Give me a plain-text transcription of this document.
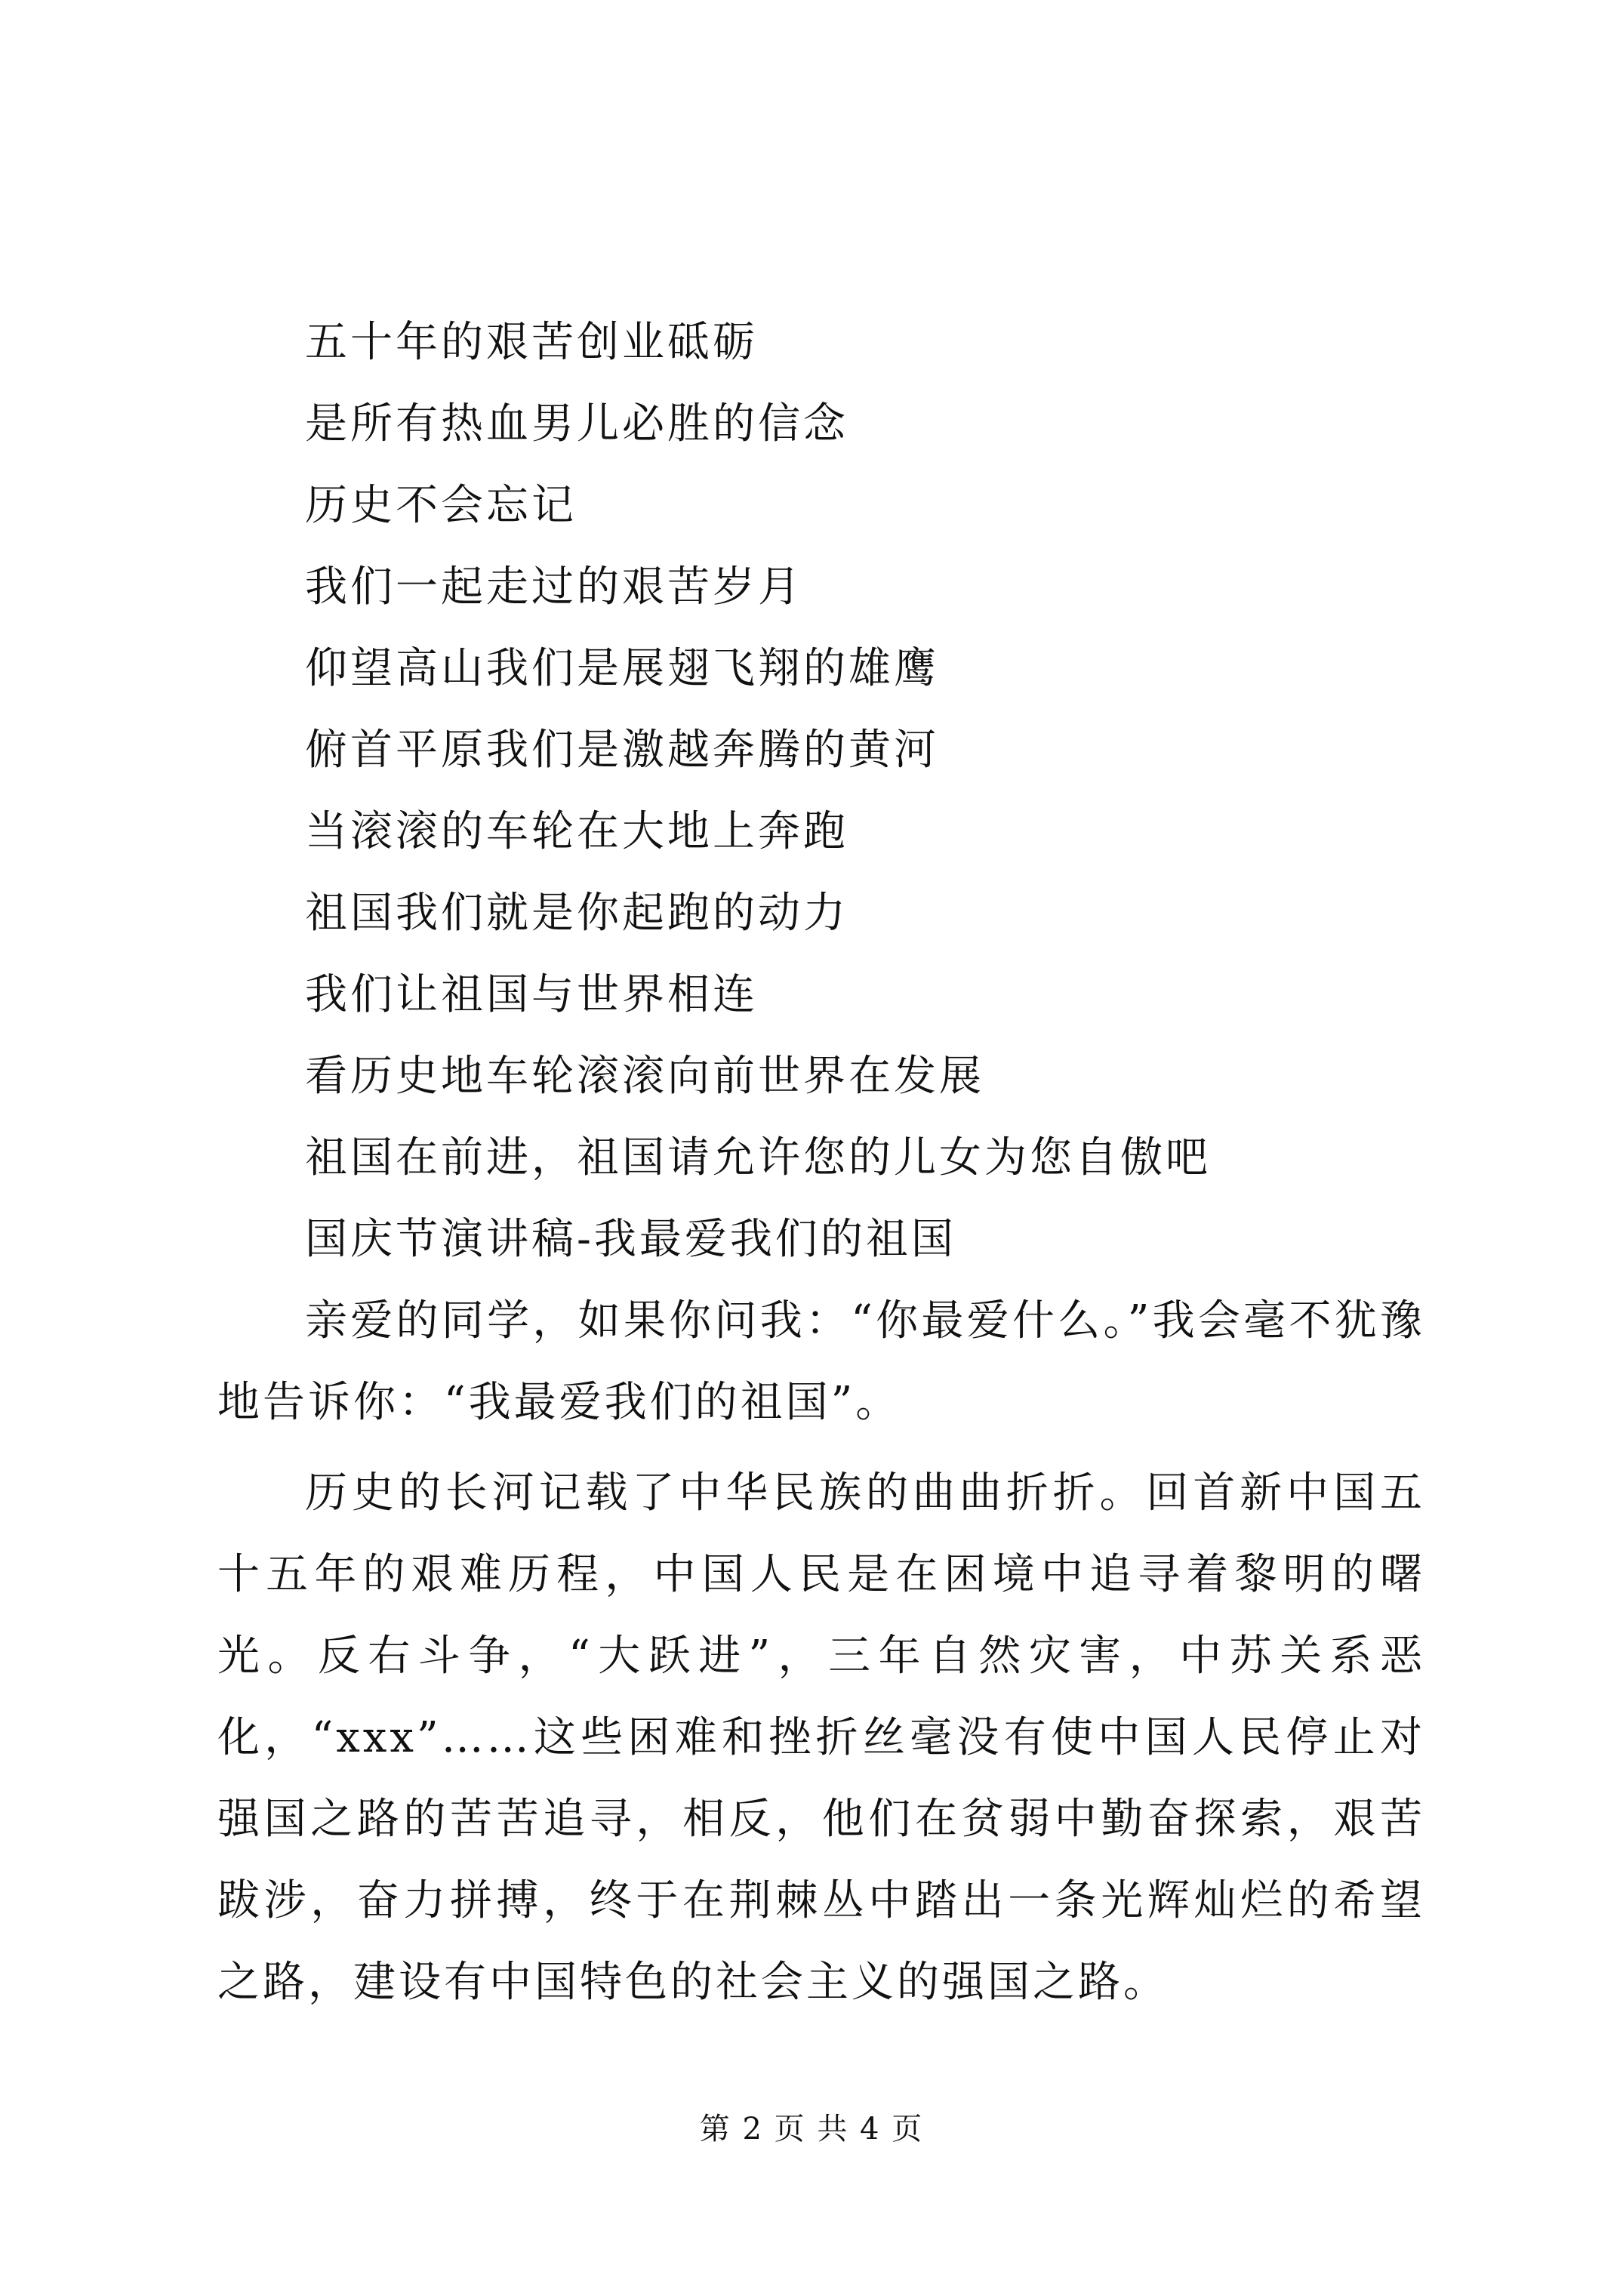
五十年的艰苦创业砥砺
是所有热血男儿必胜的信念
历史不会忘记
我们一起走过的艰苦岁月
仰望高山我们是展翅飞翔的雄鹰
俯首平原我们是激越奔腾的黄河
当滚滚的车轮在大地上奔跑
祖国我们就是你起跑的动力
我们让祖国与世界相连
看历史地车轮滚滚向前世界在发展
祖国在前进，祖国请允许您的儿女为您自傲吧
国庆节演讲稿-我最爱我们的祖国

亲爱的同学，如果你问我：“你最爱什么。”我会毫不犹豫地告诉你：“我最爱我们的祖国”。

历史的长河记载了中华民族的曲曲折折。回首新中国五十五年的艰难历程，中国人民是在困境中追寻着黎明的曙光。反右斗争，“大跃进”，三年自然灾害，中苏关系恶化，“xxx”……这些困难和挫折丝毫没有使中国人民停止对强国之路的苦苦追寻，相反，他们在贫弱中勤奋探索，艰苦跋涉，奋力拼搏，终于在荆棘丛中踏出一条光辉灿烂的希望之路，建设有中国特色的社会主义的强国之路。

第 2 页 共 4 页
